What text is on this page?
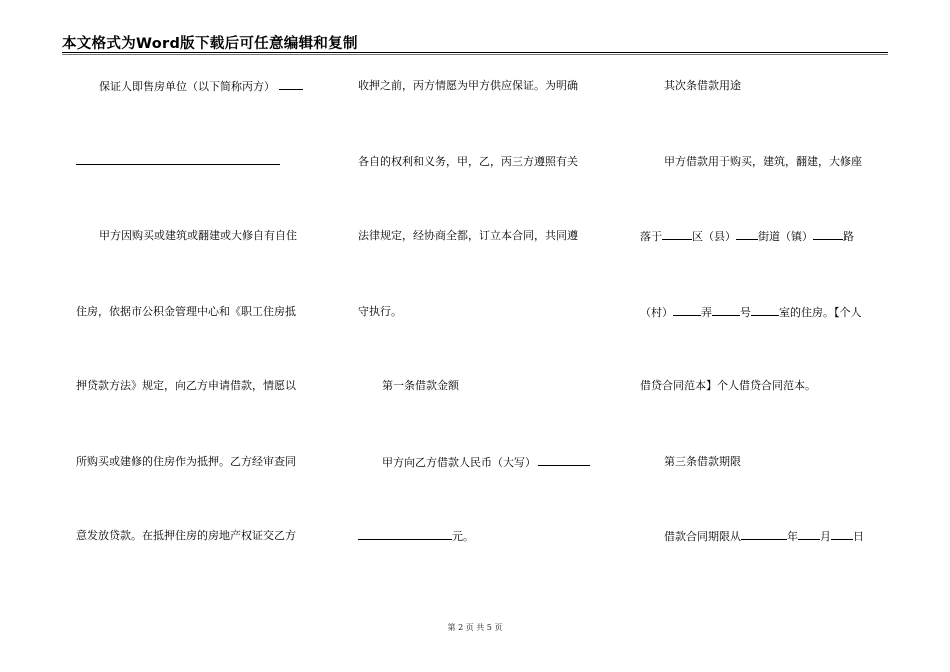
本文格式为Word版下载后可任意编辑和复制
保证人即售房单位（以下简称丙方）
甲方因购买或建筑或翻建或大修自有自住
住房，依据市公积金管理中心和《职工住房抵
押贷款方法》规定，向乙方申请借款，情愿以
所购买或建修的住房作为抵押。乙方经审查同
意发放贷款。在抵押住房的房地产权证交乙方
收押之前，丙方情愿为甲方供应保证。为明确
各自的权利和义务，甲，乙，丙三方遵照有关
法律规定，经协商全都，订立本合同，共同遵
守执行。
第一条借款金额
甲方向乙方借款人民币（大写）
元。
其次条借款用途
甲方借款用于购买，建筑，翻建，大修座
落于	区（县） 街道（镇）	路
（村）	弄	号	室的住房。【个人
借贷合同范本】个人借贷合同范本。
第三条借款期限
借款合同期限从	年 月 日
第 2 页 共 5 页
